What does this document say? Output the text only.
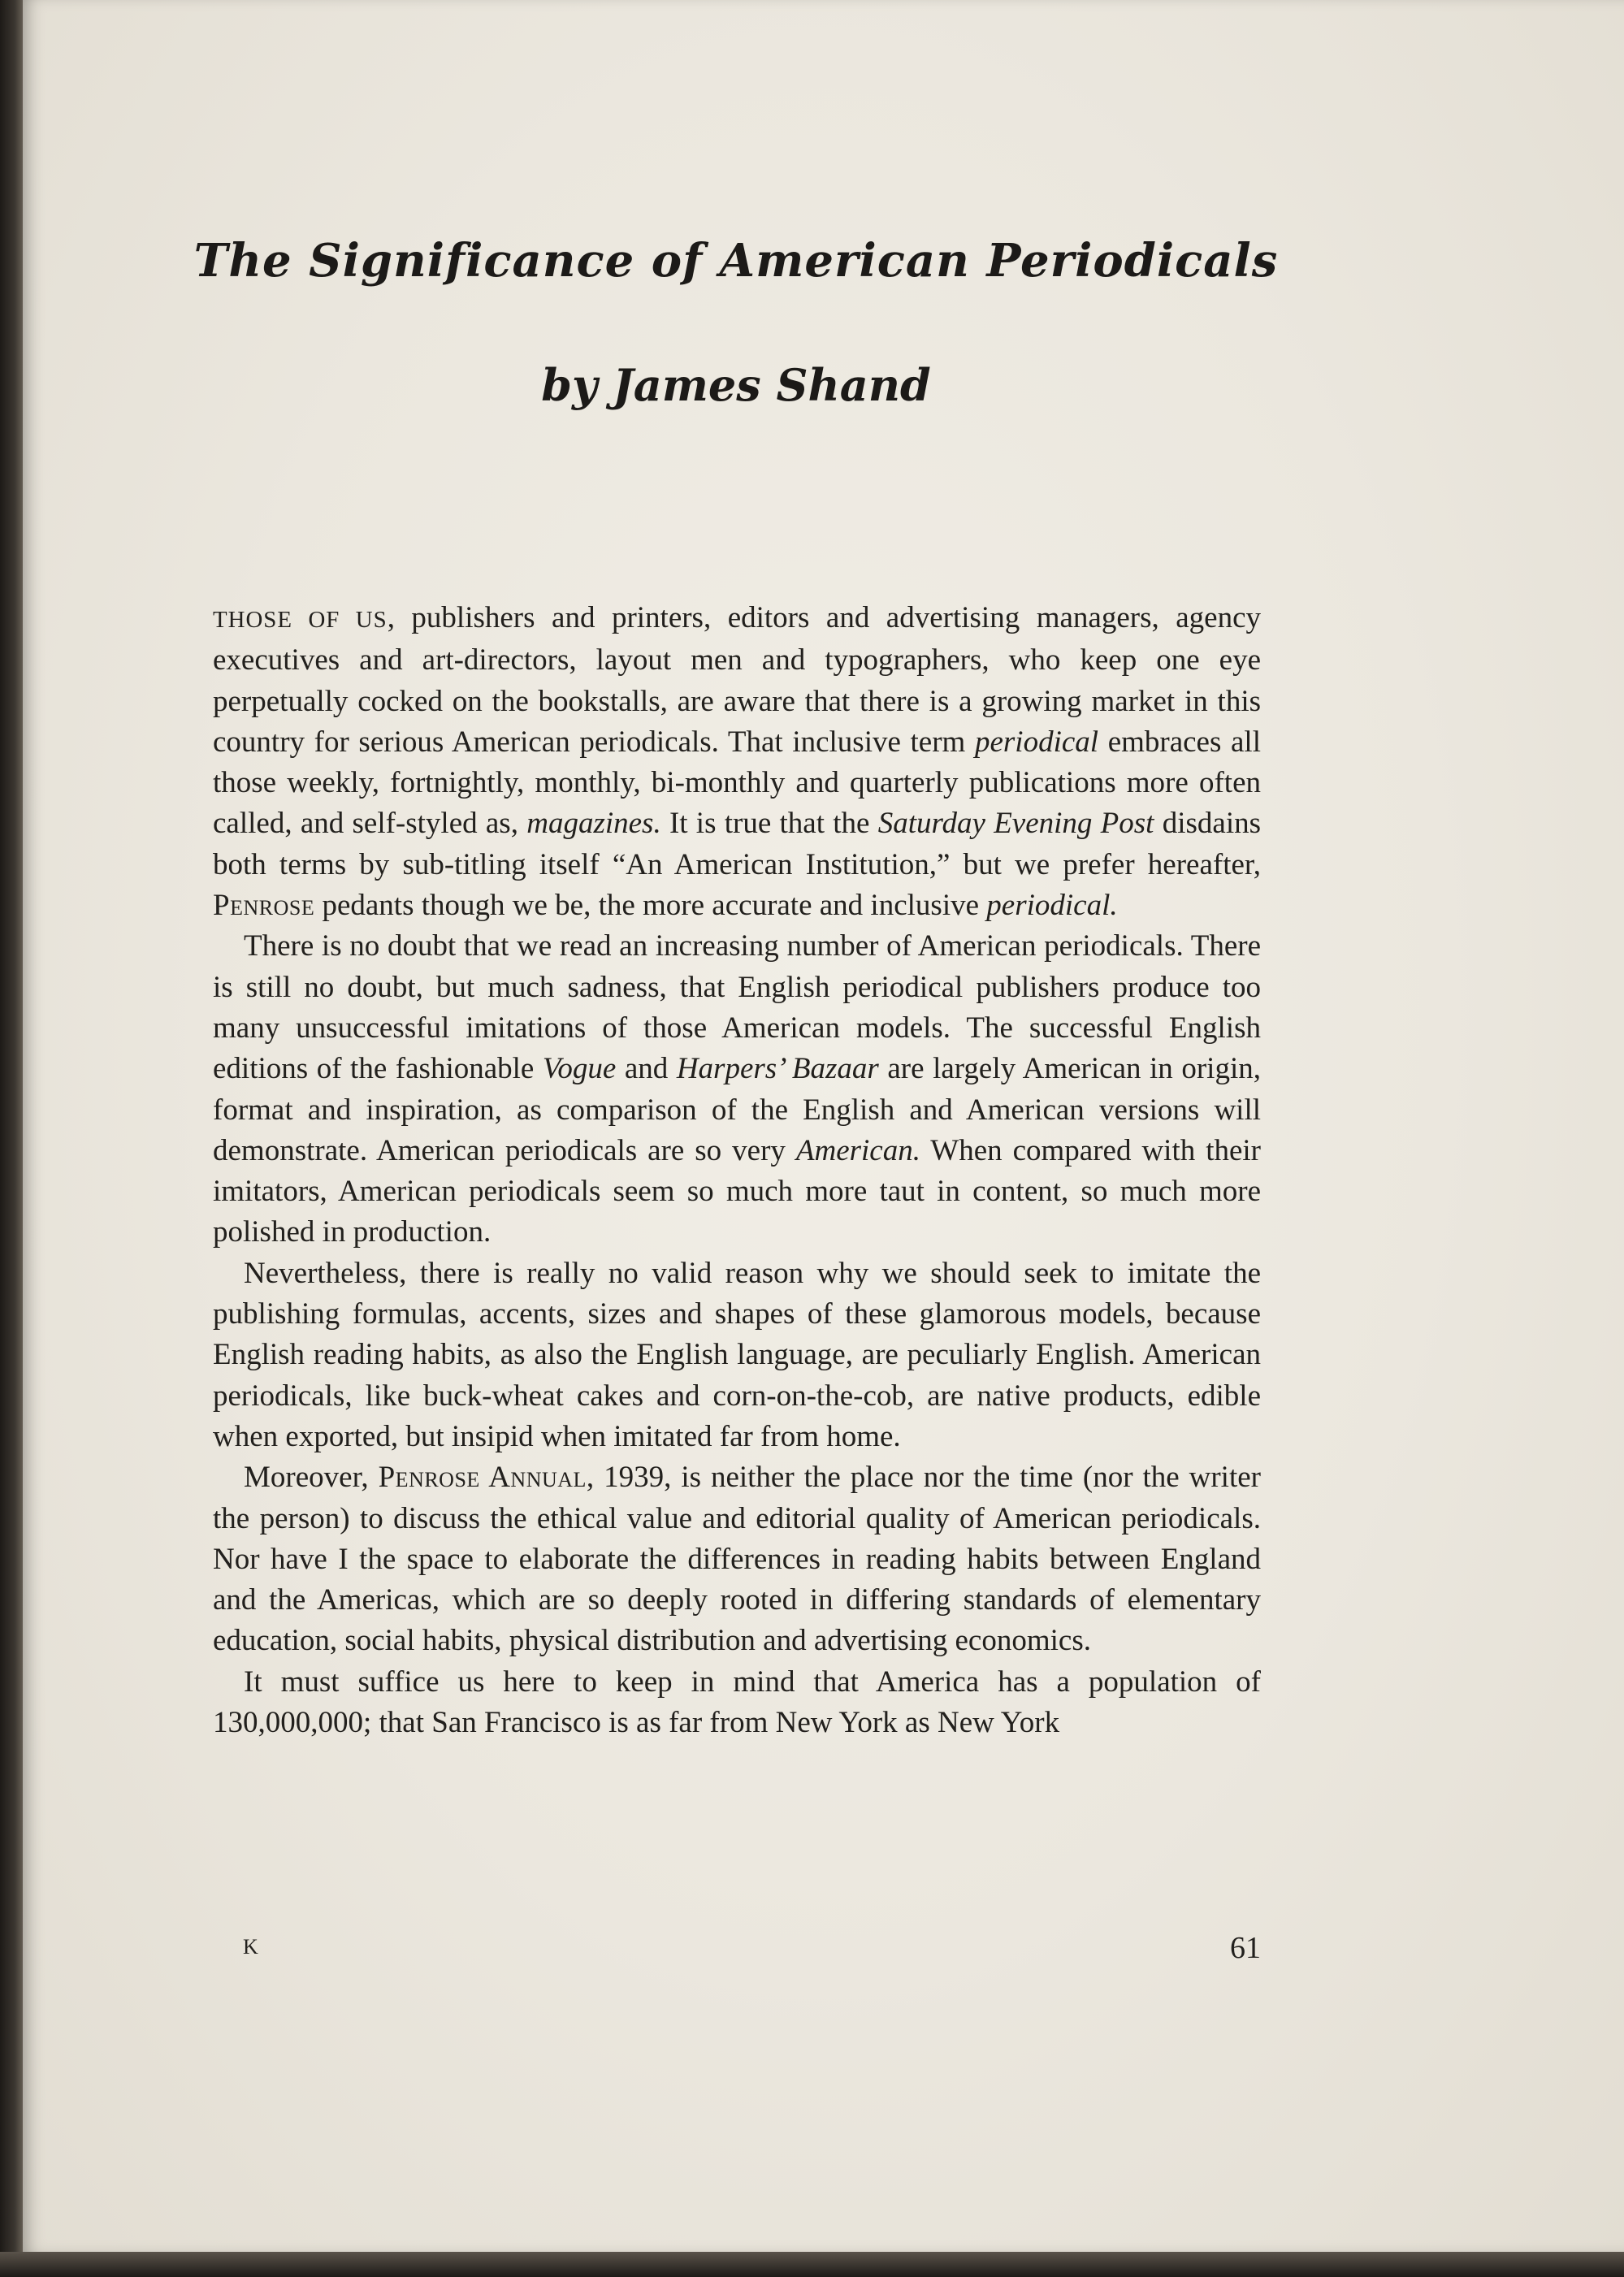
The Significance of American Periodicals
by James Shand

THOSE OF US, publishers and printers, editors and advertising managers, agency executives and art-directors, layout men and typographers, who keep one eye perpetually cocked on the bookstalls, are aware that there is a growing market in this country for serious American periodicals. That inclusive term periodical embraces all those weekly, fortnightly, monthly, bi-monthly and quarterly publications more often called, and self-styled as, magazines. It is true that the Saturday Evening Post disdains both terms by sub-titling itself “An American Institution,” but we prefer hereafter, Penrose pedants though we be, the more accurate and inclusive periodical.

There is no doubt that we read an increasing number of American periodicals. There is still no doubt, but much sadness, that English periodical publishers produce too many unsuccessful imitations of those American models. The successful English editions of the fashionable Vogue and Harpers’ Bazaar are largely American in origin, format and inspiration, as comparison of the English and American versions will demonstrate. American periodicals are so very American. When compared with their imitators, American periodicals seem so much more taut in content, so much more polished in production.

Nevertheless, there is really no valid reason why we should seek to imitate the publishing formulas, accents, sizes and shapes of these glamorous models, because English reading habits, as also the English language, are peculiarly English. American periodicals, like buck-wheat cakes and corn-on-the-cob, are native products, edible when exported, but insipid when imitated far from home.

Moreover, Penrose Annual, 1939, is neither the place nor the time (nor the writer the person) to discuss the ethical value and editorial quality of American periodicals. Nor have I the space to elaborate the differences in reading habits between England and the Americas, which are so deeply rooted in differing standards of elementary education, social habits, physical distribution and advertising economics.

It must suffice us here to keep in mind that America has a population of 130,000,000; that San Francisco is as far from New York as New York

K	61
